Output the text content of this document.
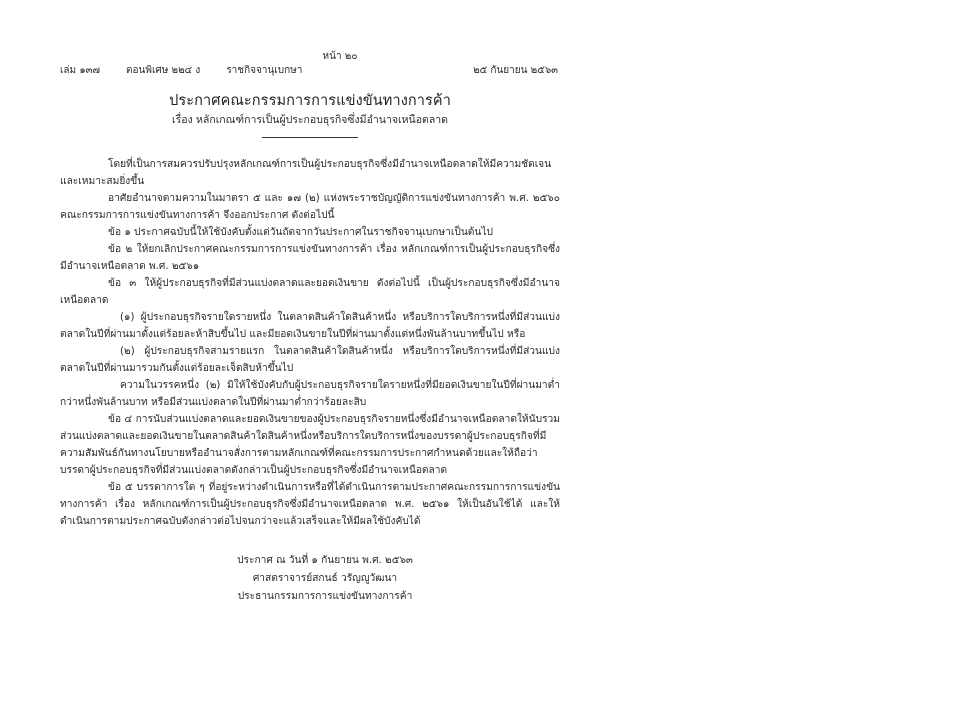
หน้า ๒๐
เล่ม ๑๓๗	ตอนพิเศษ ๒๒๔ ง	ราชกิจจานุเบกษา	๒๕ กันยายน ๒๕๖๓
ประกาศคณะกรรมการการแข่งขันทางการค้า
เรื่อง หลักเกณฑ์การเป็นผู้ประกอบธุรกิจซึ่งมีอำนาจเหนือตลาด

โดยที่เป็นการสมควรปรับปรุงหลักเกณฑ์การเป็นผู้ประกอบธุรกิจซึ่งมีอำนาจเหนือตลาดให้มีความชัดเจนและเหมาะสมยิ่งขึ้น

อาศัยอำนาจตามความในมาตรา ๕ และ ๑๗ (๒) แห่งพระราชบัญญัติการแข่งขันทางการค้า พ.ศ. ๒๕๖๐ คณะกรรมการการแข่งขันทางการค้า จึงออกประกาศ ดังต่อไปนี้

ข้อ ๑ ประกาศฉบับนี้ให้ใช้บังคับตั้งแต่วันถัดจากวันประกาศในราชกิจจานุเบกษาเป็นต้นไป

ข้อ ๒ ให้ยกเลิกประกาศคณะกรรมการการแข่งขันทางการค้า เรื่อง หลักเกณฑ์การเป็นผู้ประกอบธุรกิจซึ่งมีอำนาจเหนือตลาด พ.ศ. ๒๕๖๑

ข้อ ๓ ให้ผู้ประกอบธุรกิจที่มีส่วนแบ่งตลาดและยอดเงินขาย ดังต่อไปนี้ เป็นผู้ประกอบธุรกิจซึ่งมีอำนาจเหนือตลาด

(๑) ผู้ประกอบธุรกิจรายใดรายหนึ่ง ในตลาดสินค้าใดสินค้าหนึ่ง หรือบริการใดบริการหนึ่งที่มีส่วนแบ่งตลาดในปีที่ผ่านมาตั้งแต่ร้อยละห้าสิบขึ้นไป และมียอดเงินขายในปีที่ผ่านมาตั้งแต่หนึ่งพันล้านบาทขึ้นไป หรือ

(๒) ผู้ประกอบธุรกิจสามรายแรก ในตลาดสินค้าใดสินค้าหนึ่ง หรือบริการใดบริการหนึ่งที่มีส่วนแบ่งตลาดในปีที่ผ่านมารวมกันตั้งแต่ร้อยละเจ็ดสิบห้าขึ้นไป

ความในวรรคหนึ่ง (๒) มิให้ใช้บังคับกับผู้ประกอบธุรกิจรายใดรายหนึ่งที่มียอดเงินขายในปีที่ผ่านมาต่ำกว่าหนึ่งพันล้านบาท หรือมีส่วนแบ่งตลาดในปีที่ผ่านมาต่ำกว่าร้อยละสิบ

ข้อ ๔ การนับส่วนแบ่งตลาดและยอดเงินขายของผู้ประกอบธุรกิจรายหนึ่งซึ่งมีอำนาจเหนือตลาดให้นับรวมส่วนแบ่งตลาดและยอดเงินขายในตลาดสินค้าใดสินค้าหนึ่งหรือบริการใดบริการหนึ่งของบรรดาผู้ประกอบธุรกิจที่มีความสัมพันธ์กันทางนโยบายหรืออำนาจสั่งการตามหลักเกณฑ์ที่คณะกรรมการประกาศกำหนดด้วยและให้ถือว่าบรรดาผู้ประกอบธุรกิจที่มีส่วนแบ่งตลาดดังกล่าวเป็นผู้ประกอบธุรกิจซึ่งมีอำนาจเหนือตลาด

ข้อ ๕ บรรดาการใด ๆ ที่อยู่ระหว่างดำเนินการหรือที่ได้ดำเนินการตามประกาศคณะกรรมการการแข่งขันทางการค้า เรื่อง หลักเกณฑ์การเป็นผู้ประกอบธุรกิจซึ่งมีอำนาจเหนือตลาด พ.ศ. ๒๕๖๑ ให้เป็นอันใช้ได้ และให้ดำเนินการตามประกาศฉบับดังกล่าวต่อไปจนกว่าจะแล้วเสร็จและให้มีผลใช้บังคับได้

ประกาศ ณ วันที่ ๑ กันยายน พ.ศ. ๒๕๖๓
ศาสตราจารย์สกนธ์ วรัญญูวัฒนา
ประธานกรรมการการแข่งขันทางการค้า
